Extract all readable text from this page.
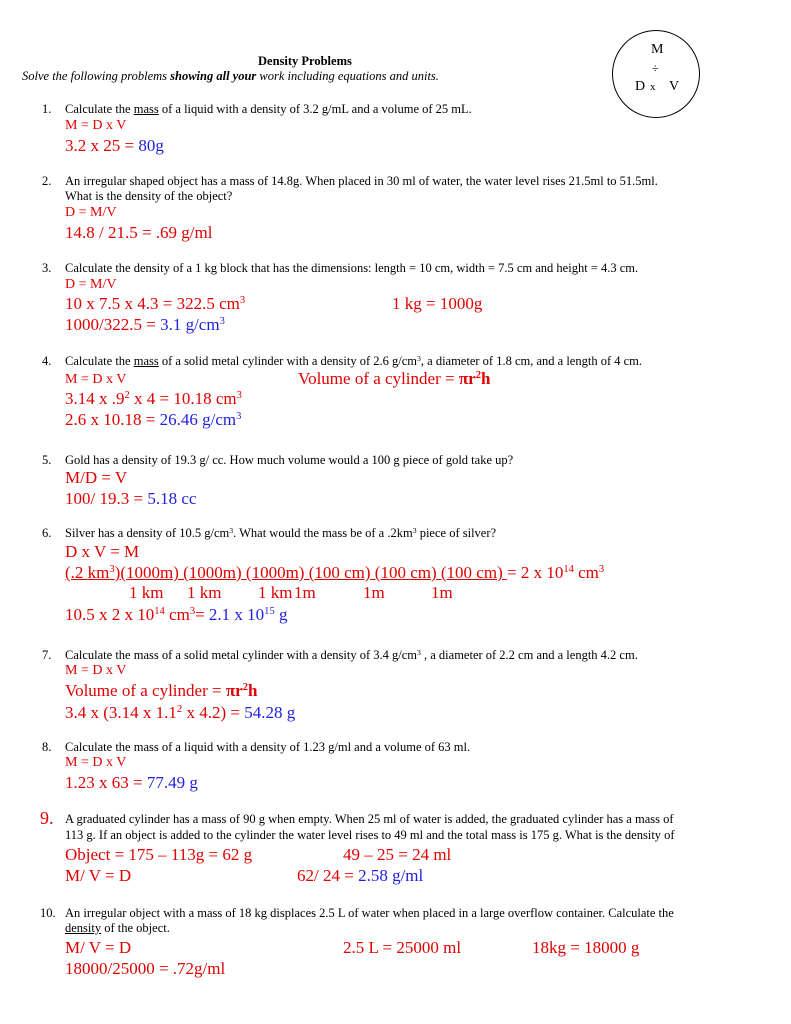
Density Problems
Solve the following problems showing all your work including equations and units.
M
÷
D x V
1. Calculate the mass of a liquid with a density of 3.2 g/mL and a volume of 25 mL.
M = D x V
3.2 x 25 = 80g
2. An irregular shaped object has a mass of 14.8g. When placed in 30 ml of water, the water level rises 21.5ml to 51.5ml.
What is the density of the object?
D = M/V
14.8 / 21.5 = .69 g/ml
3. Calculate the density of a 1 kg block that has the dimensions: length = 10 cm, width = 7.5 cm and height = 4.3 cm.
D = M/V
10 x 7.5 x 4.3 = 322.5 $cm^3$	1 kg = 1000g
1000/322.5 = 3.1 $g/cm^3$
4. Calculate the mass of a solid metal cylinder with a density of 2.6 $g/cm^3$, a diameter of 1.8 cm, and a length of 4 cm.
M = D x V	Volume of a cylinder = $\pi r^2h$
3.14 x $.9^2$ x 4 = 10.18 $cm^3$
2.6 x 10.18 = 26.46 $g/cm^3$
5. Gold has a density of 19.3 g/ cc. How much volume would a 100 g piece of gold take up?
M/D = V
100/ 19.3 = 5.18 cc
6. Silver has a density of 10.5 $g/cm^3$. What would the mass be of a $.2km^3$ piece of silver?
D x V = M
(.2 $km^3)(1000m)$ (1000m) (1000m) (100 cm) (100 cm) (100 cm) = 2 x $10^{14}$ $cm^3$
1 km 1 km 1 km 1m	1m	1m
10.5 x 2 x $10^{14}$ $cm^3= 2.1$ x $10^{15}$ g
7. Calculate the mass of a solid metal cylinder with a density of 3.4 $g/cm^3$ , a diameter of 2.2 cm and a length 4.2 cm.
M = D x V
Volume of a cylinder = $\pi r^2h$
3.4 x (3.14 x $1.1^2$ x 4.2) = 54.28 g
8. Calculate the mass of a liquid with a density of 1.23 g/ml and a volume of 63 ml.
M = D x V
1.23 x 63 = 77.49 g
9. A graduated cylinder has a mass of 90 g when empty. When 25 ml of water is added, the graduated cylinder has a mass of
113 g. If an object is added to the cylinder the water level rises to 49 ml and the total mass is 175 g. What is the density of
Object = 175 – 113g = 62 g	49 – 25 = 24 ml
M/ V = D	62/ 24 = 2.58 g/ml
10. An irregular object with a mass of 18 kg displaces 2.5 L of water when placed in a large overflow container. Calculate the
density of the object.
M/ V = D	2.5 L = 25000 ml	18kg = 18000 g
18000/25000 = .72g/ml
